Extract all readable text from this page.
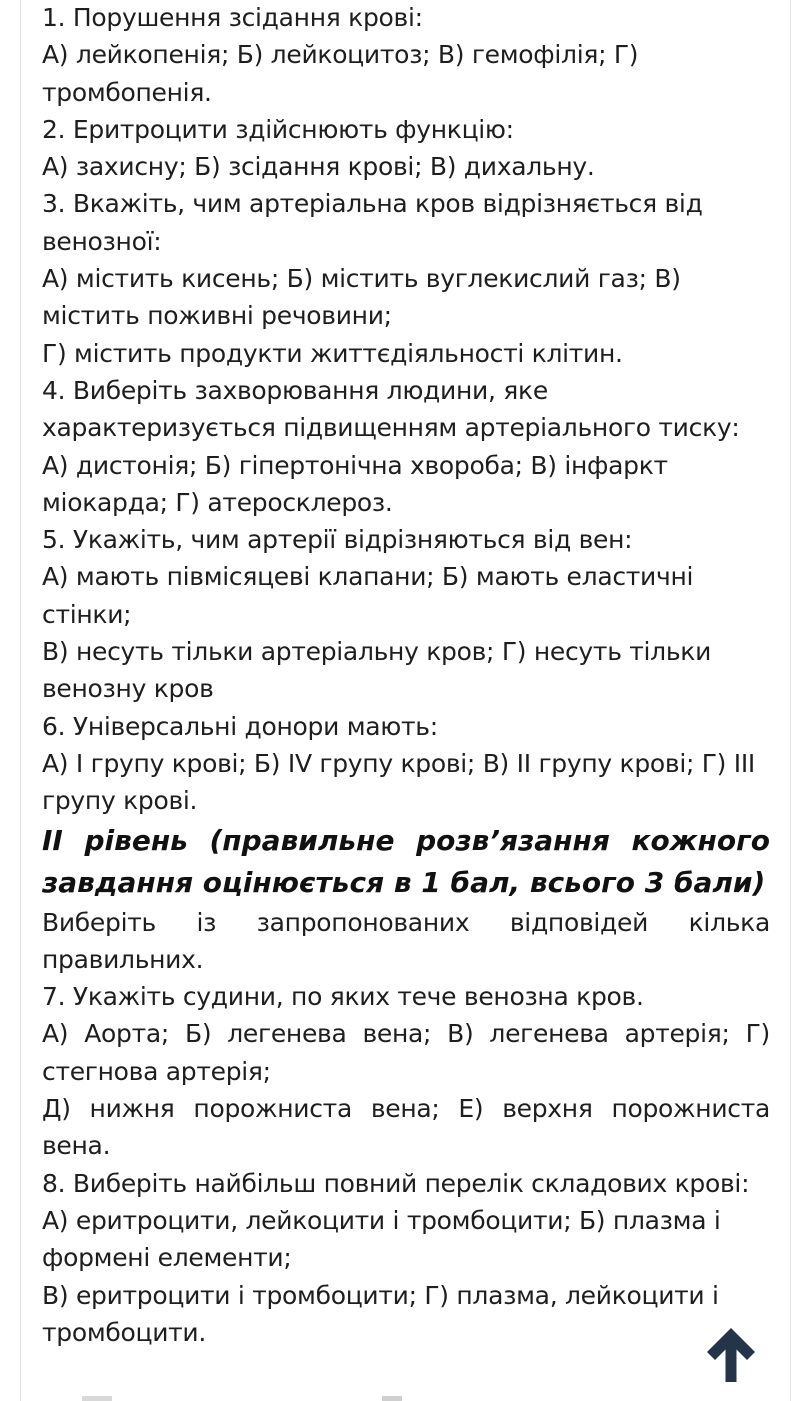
1. Порушення зсідання крові:

А) лейкопенія; Б) лейкоцитоз; В) гемофілія; Г) тромбопенія.

2. Еритроцити здійснюють функцію:

А) захисну; Б) зсідання крові; В) дихальну.

3. Вкажіть, чим артеріальна кров відрізняється від венозної:

А) містить кисень; Б) містить вуглекислий газ; В) містить поживні речовини;

Г) містить продукти життєдіяльності клітин.

4. Виберіть захворювання людини, яке характеризується підвищенням артеріального тиску:

А) дистонія; Б) гіпертонічна хвороба; В) інфаркт міокарда; Г) атеросклероз.

5. Укажіть, чим артерії відрізняються від вен:

А) мають півмісяцеві клапани; Б) мають еластичні стінки;

В) несуть тільки артеріальну кров; Г) несуть тільки венозну кров

6. Універсальні донори мають:

А) І групу крові; Б) ІV групу крові; В) ІІ групу крові; Г) ІІІ групу крові.

ІІ рівень (правильне розв’язання кожного завдання оцінюється в 1 бал, всього 3 бали)

Виберіть із запропонованих відповідей кілька правильних.

7. Укажіть судини, по яких тече венозна кров.

А) Аорта; Б) легенева вена; В) легенева артерія; Г) стегнова артерія;

Д) нижня порожниста вена; Е) верхня порожниста вена.

8. Виберіть найбільш повний перелік складових крові:

А) еритроцити, лейкоцити і тромбоцити; Б) плазма і формені елементи;

В) еритроцити і тромбоцити; Г) плазма, лейкоцити і тромбоцити.
